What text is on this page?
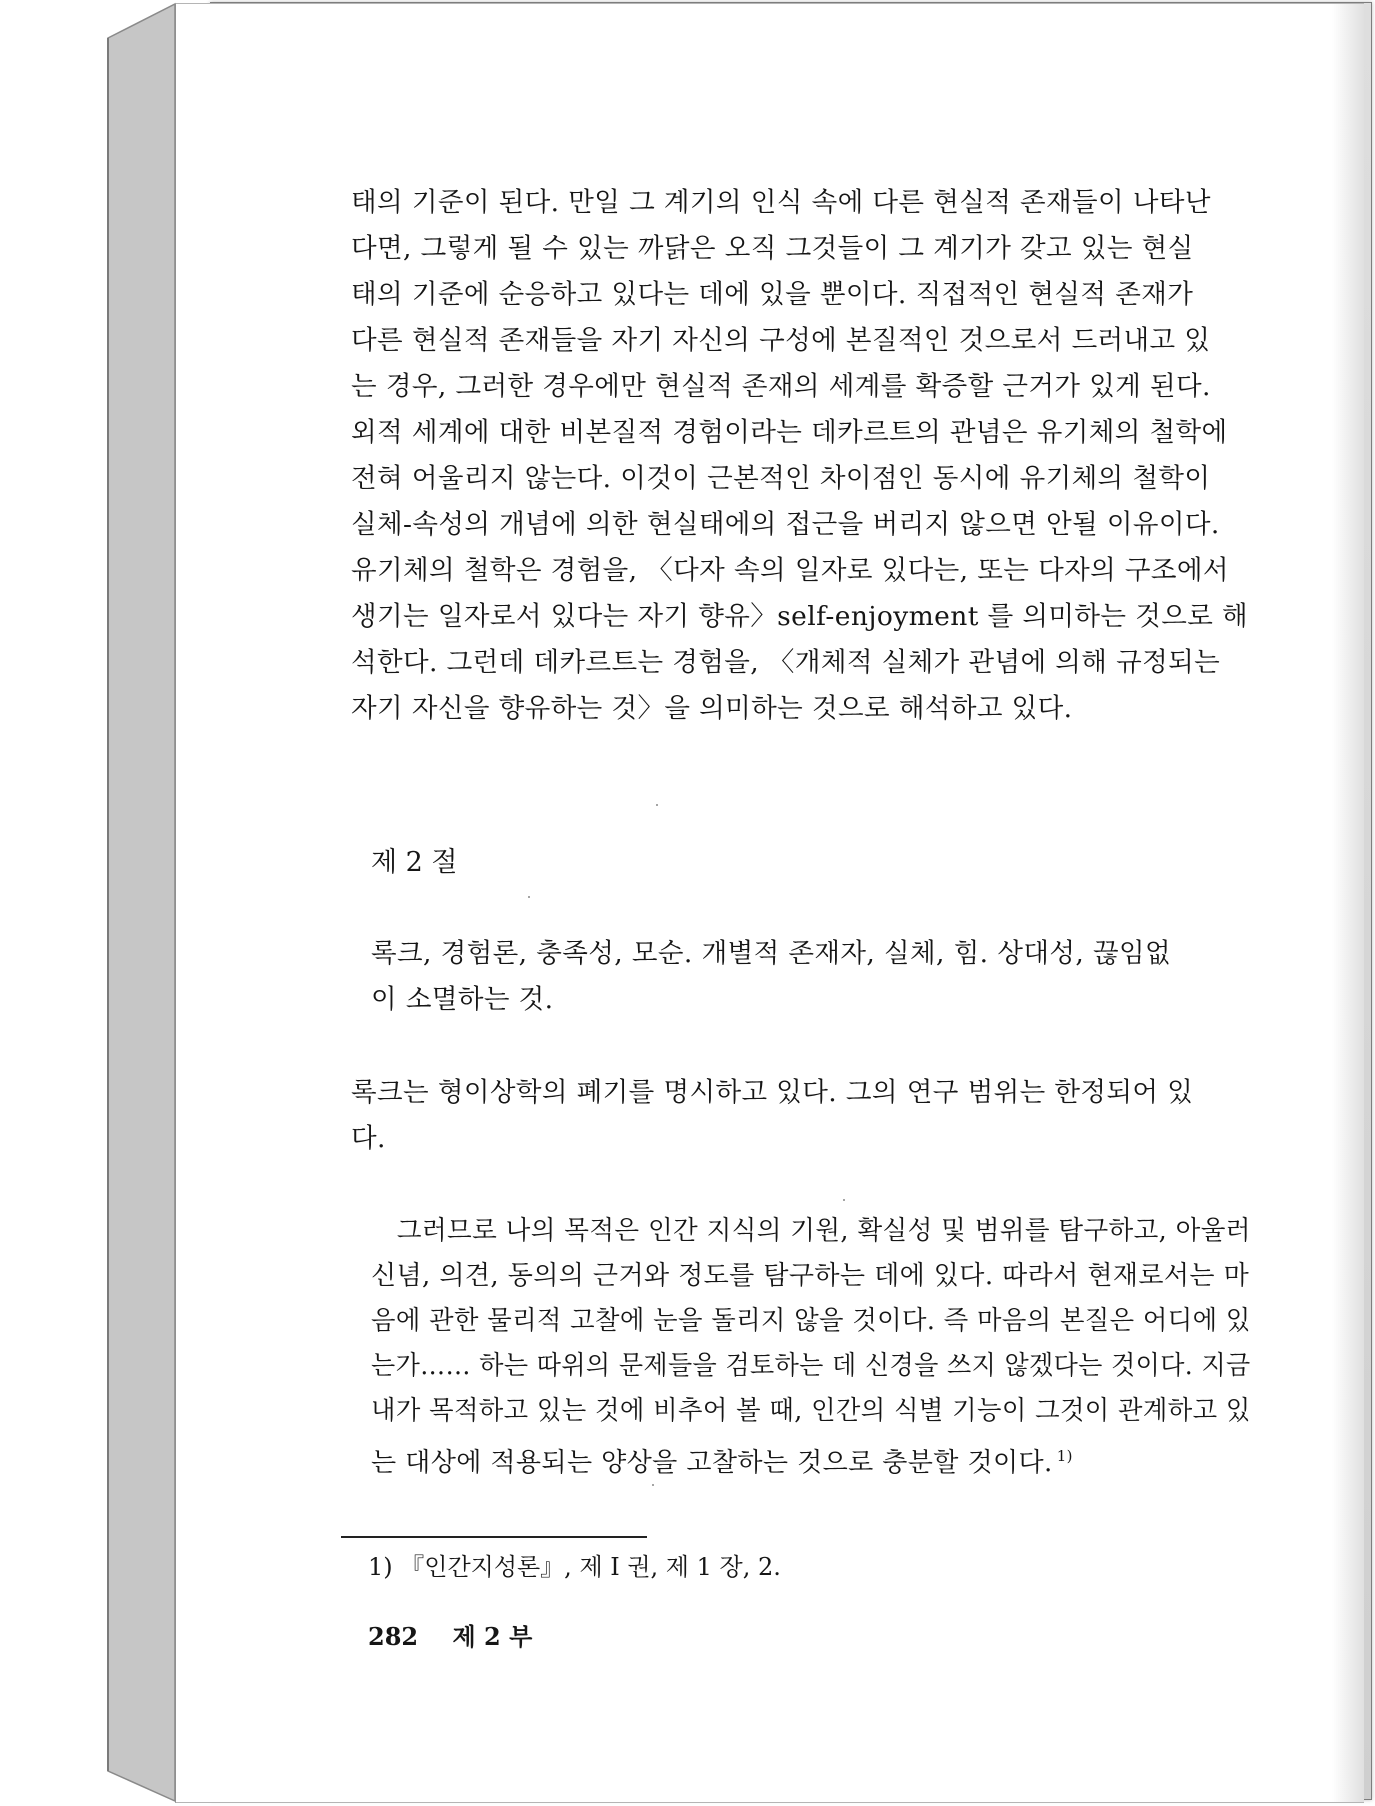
태의 기준이 된다. 만일 그 계기의 인식 속에 다른 현실적 존재들이 나타난
다면, 그렇게 될 수 있는 까닭은 오직 그것들이 그 계기가 갖고 있는 현실
태의 기준에 순응하고 있다는 데에 있을 뿐이다. 직접적인 현실적 존재가
다른 현실적 존재들을 자기 자신의 구성에 본질적인 것으로서 드러내고 있
는 경우, 그러한 경우에만 현실적 존재의 세계를 확증할 근거가 있게 된다.
외적 세계에 대한 비본질적 경험이라는 데카르트의 관념은 유기체의 철학에
전혀 어울리지 않는다. 이것이 근본적인 차이점인 동시에 유기체의 철학이
실체-속성의 개념에 의한 현실태에의 접근을 버리지 않으면 안될 이유이다.
유기체의 철학은 경험을, 〈다자 속의 일자로 있다는, 또는 다자의 구조에서
생기는 일자로서 있다는 자기 향유〉self-enjoyment 를 의미하는 것으로 해
석한다. 그런데 데카르트는 경험을, 〈개체적 실체가 관념에 의해 규정되는
자기 자신을 향유하는 것〉을 의미하는 것으로 해석하고 있다.
제 2 절
록크, 경험론, 충족성, 모순. 개별적 존재자, 실체, 힘. 상대성, 끊임없
이 소멸하는 것.
록크는 형이상학의 폐기를 명시하고 있다. 그의 연구 범위는 한정되어 있
다.
 그러므로 나의 목적은 인간 지식의 기원, 확실성 및 범위를 탐구하고, 아울러
신념, 의견, 동의의 근거와 정도를 탐구하는 데에 있다. 따라서 현재로서는 마
음에 관한 물리적 고찰에 눈을 돌리지 않을 것이다. 즉 마음의 본질은 어디에 있
는가…… 하는 따위의 문제들을 검토하는 데 신경을 쓰지 않겠다는 것이다. 지금
내가 목적하고 있는 것에 비추어 볼 때, 인간의 식별 기능이 그것이 관계하고 있
는 대상에 적용되는 양상을 고찰하는 것으로 충분할 것이다. $^{1)}$
1) 『인간지성론』, 제 I 권, 제 1 장, 2.
282 제 2 부
